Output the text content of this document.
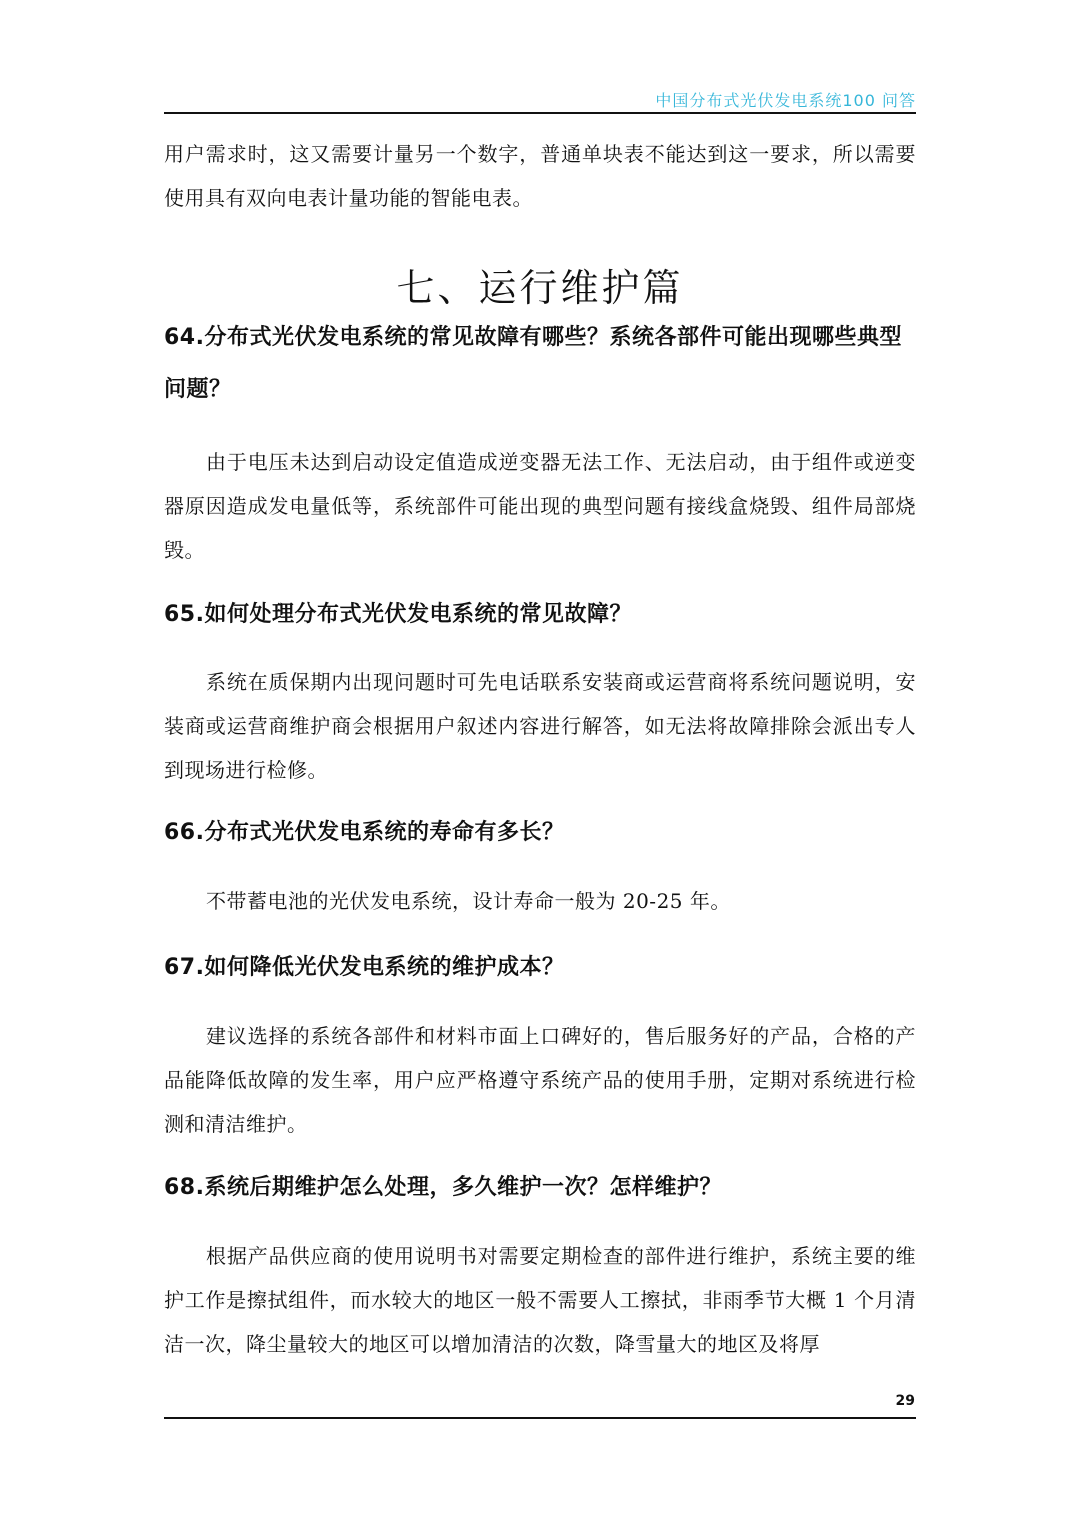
中国分布式光伏发电系统100 问答

用户需求时，这又需要计量另一个数字，普通单块表不能达到这一要求，所以需要使用具有双向电表计量功能的智能电表。

七、运行维护篇
64.分布式光伏发电系统的常见故障有哪些？系统各部件可能出现哪些典型问题？

由于电压未达到启动设定值造成逆变器无法工作、无法启动，由于组件或逆变器原因造成发电量低等，系统部件可能出现的典型问题有接线盒烧毁、组件局部烧毁。

65.如何处理分布式光伏发电系统的常见故障？

系统在质保期内出现问题时可先电话联系安装商或运营商将系统问题说明，安装商或运营商维护商会根据用户叙述内容进行解答，如无法将故障排除会派出专人到现场进行检修。

66.分布式光伏发电系统的寿命有多长？

不带蓄电池的光伏发电系统，设计寿命一般为 20-25 年。

67.如何降低光伏发电系统的维护成本？

建议选择的系统各部件和材料市面上口碑好的，售后服务好的产品，合格的产品能降低故障的发生率，用户应严格遵守系统产品的使用手册，定期对系统进行检测和清洁维护。

68.系统后期维护怎么处理，多久维护一次？怎样维护？

根据产品供应商的使用说明书对需要定期检查的部件进行维护，系统主要的维护工作是擦拭组件，而水较大的地区一般不需要人工擦拭，非雨季节大概 1 个月清洁一次，降尘量较大的地区可以增加清洁的次数，降雪量大的地区及将厚

29
